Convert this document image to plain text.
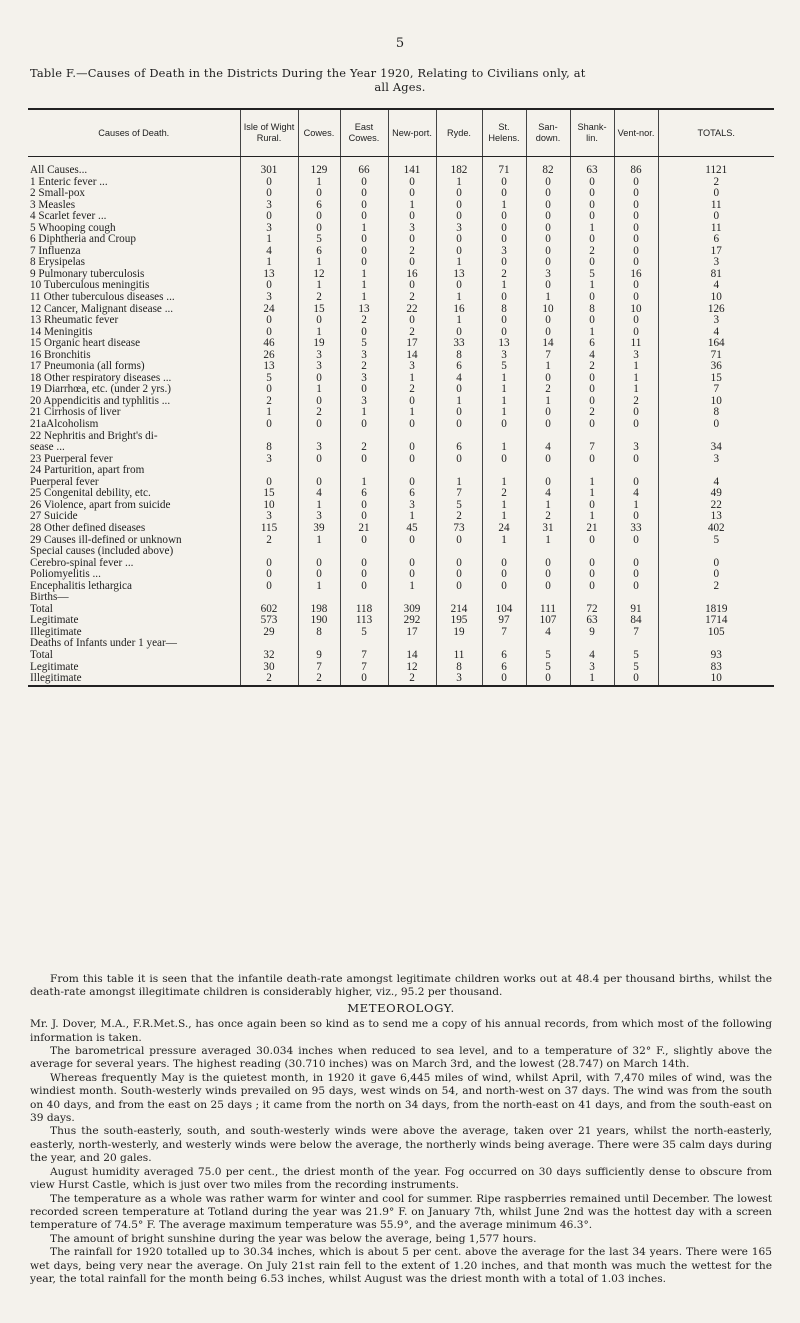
5
Table F.—Causes of Death in the Districts During the Year 1920, Relating to Civilians only, at
all Ages.
Causes of Death.	Isle of Wight Rural.	Cowes.	East Cowes.	New-port.	Ryde.	St. Helens.	San-down.	Shank-lin.	Vent-nor.	TOTALS.
All Causes...	301	129	66	141	182	71	82	63	86	1121
1 Enteric fever ...	0	1	0	0	1	0	0	0	0	2
2 Small-pox	0	0	0	0	0	0	0	0	0	0
3 Measles	3	6	0	1	0	1	0	0	0	11
4 Scarlet fever ...	0	0	0	0	0	0	0	0	0	0
5 Whooping cough	3	0	1	3	3	0	0	1	0	11
6 Diphtheria and Croup	1	5	0	0	0	0	0	0	0	6
7 Influenza	4	6	0	2	0	3	0	2	0	17
8 Erysipelas	1	1	0	0	1	0	0	0	0	3
9 Pulmonary tuberculosis	13	12	1	16	13	2	3	5	16	81
10 Tuberculous meningitis	0	1	1	0	0	1	0	1	0	4
11 Other tuberculous diseases ...	3	2	1	2	1	0	1	0	0	10
12 Cancer, Malignant disease ...	24	15	13	22	16	8	10	8	10	126
13 Rheumatic fever	0	0	2	0	1	0	0	0	0	3
14 Meningitis	0	1	0	2	0	0	0	1	0	4
15 Organic heart disease	46	19	5	17	33	13	14	6	11	164
16 Bronchitis	26	3	3	14	8	3	7	4	3	71
17 Pneumonia (all forms)	13	3	2	3	6	5	1	2	1	36
18 Other respiratory diseases ...	5	0	3	1	4	1	0	0	1	15
19 Diarrhœa, etc. (under 2 yrs.)	0	1	0	2	0	1	2	0	1	7
20 Appendicitis and typhlitis ...	2	0	3	0	1	1	1	0	2	10
21 Cirrhosis of liver	1	2	1	1	0	1	0	2	0	8
21aAlcoholism	0	0	0	0	0	0	0	0	0	0
22 Nephritis and Bright's di-										
sease ...	8	3	2	0	6	1	4	7	3	34
23 Puerperal fever	3	0	0	0	0	0	0	0	0	3
24 Parturition, apart from										
Puerperal fever	0	0	1	0	1	1	0	1	0	4
25 Congenital debility, etc.	15	4	6	6	7	2	4	1	4	49
26 Violence, apart from suicide	10	1	0	3	5	1	1	0	1	22
27 Suicide	3	3	0	1	2	1	2	1	0	13
28 Other defined diseases	115	39	21	45	73	24	31	21	33	402
29 Causes ill-defined or unknown	2	1	0	0	0	1	1	0	0	5
Special causes (included above)										
Cerebro-spinal fever ...	0	0	0	0	0	0	0	0	0	0
Poliomyelitis ...	0	0	0	0	0	0	0	0	0	0
Encephalitis lethargica	0	1	0	1	0	0	0	0	0	2
Births—										
Total	602	198	118	309	214	104	111	72	91	1819
Legitimate	573	190	113	292	195	97	107	63	84	1714
Illegitimate	29	8	5	17	19	7	4	9	7	105
Deaths of Infants under 1 year—										
Total	32	9	7	14	11	6	5	4	5	93
Legitimate	30	7	7	12	8	6	5	3	5	83
Illegitimate	2	2	0	2	3	0	0	1	0	10

From this table it is seen that the infantile death-rate amongst legitimate children works out at 48.4 per thousand births, whilst the death-rate amongst illegitimate children is considerably higher, viz., 95.2 per thousand.

METEOROLOGY.

Mr. J. Dover, M.A., F.R.Met.S., has once again been so kind as to send me a copy of his annual records, from which most of the following information is taken.

The barometrical pressure averaged 30.034 inches when reduced to sea level, and to a temperature of 32° F., slightly above the average for several years. The highest reading (30.710 inches) was on March 3rd, and the lowest (28.747) on March 14th.

Whereas frequently May is the quietest month, in 1920 it gave 6,445 miles of wind, whilst April, with 7,470 miles of wind, was the windiest month. South-westerly winds prevailed on 95 days, west winds on 54, and north-west on 37 days. The wind was from the south on 40 days, and from the east on 25 days ; it came from the north on 34 days, from the north-east on 41 days, and from the south-east on 39 days.

Thus the south-easterly, south, and south-westerly winds were above the average, taken over 21 years, whilst the north-easterly, easterly, north-westerly, and westerly winds were below the average, the northerly winds being average. There were 35 calm days during the year, and 20 gales.

August humidity averaged 75.0 per cent., the driest month of the year. Fog occurred on 30 days sufficiently dense to obscure from view Hurst Castle, which is just over two miles from the recording instruments.

The temperature as a whole was rather warm for winter and cool for summer. Ripe raspberries remained until December. The lowest recorded screen temperature at Totland during the year was 21.9° F. on January 7th, whilst June 2nd was the hottest day with a screen temperature of 74.5° F. The average maximum temperature was 55.9°, and the average minimum 46.3°.

The amount of bright sunshine during the year was below the average, being 1,577 hours.

The rainfall for 1920 totalled up to 30.34 inches, which is about 5 per cent. above the average for the last 34 years. There were 165 wet days, being very near the average. On July 21st rain fell to the extent of 1.20 inches, and that month was much the wettest for the year, the total rainfall for the month being 6.53 inches, whilst August was the driest month with a total of 1.03 inches.
